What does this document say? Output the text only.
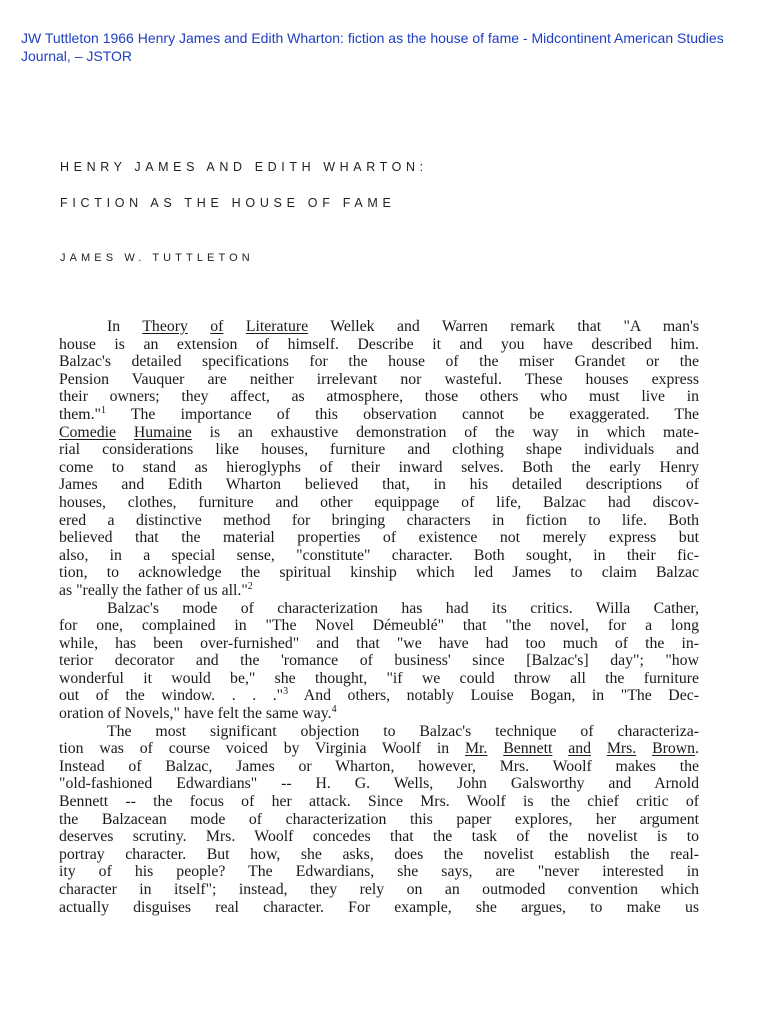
JW Tuttleton 1966 Henry James and Edith Wharton: fiction as the house of fame - Midcontinent American Studies Journal, – JSTOR
HENRY JAMES AND EDITH WHARTON:
FICTION AS THE HOUSE OF FAME
JAMES W. TUTTLETON
In Theory of Literature Wellek and Warren remark that "A man's
house is an extension of himself. Describe it and you have described him.
Balzac's detailed specifications for the house of the miser Grandet or the
Pension Vauquer are neither irrelevant nor wasteful. These houses express
their owners; they affect, as atmosphere, those others who must live in
them."$^1$ The importance of this observation cannot be exaggerated. The
Comedie Humaine is an exhaustive demonstration of the way in which mate-
rial considerations like houses, furniture and clothing shape individuals and
come to stand as hieroglyphs of their inward selves. Both the early Henry
James and Edith Wharton believed that, in his detailed descriptions of
houses, clothes, furniture and other equippage of life, Balzac had discov-
ered a distinctive method for bringing characters in fiction to life. Both
believed that the material properties of existence not merely express but
also, in a special sense, "constitute" character. Both sought, in their fic-
tion, to acknowledge the spiritual kinship which led James to claim Balzac
as "really the father of us all."$^2$
Balzac's mode of characterization has had its critics. Willa Cather,
for one, complained in "The Novel Démeublé" that "the novel, for a long
while, has been over-furnished" and that "we have had too much of the in-
terior decorator and the 'romance of business' since [Balzac's] day"; "how
wonderful it would be," she thought, "if we could throw all the furniture
out of the window. . . ."$^3$ And others, notably Louise Bogan, in "The Dec-
oration of Novels," have felt the same way.$^4$
The most significant objection to Balzac's technique of characteriza-
tion was of course voiced by Virginia Woolf in Mr. Bennett and Mrs. Brown.
Instead of Balzac, James or Wharton, however, Mrs. Woolf makes the
"old-fashioned Edwardians" -- H. G. Wells, John Galsworthy and Arnold
Bennett -- the focus of her attack. Since Mrs. Woolf is the chief critic of
the Balzacean mode of characterization this paper explores, her argument
deserves scrutiny. Mrs. Woolf concedes that the task of the novelist is to
portray character. But how, she asks, does the novelist establish the real-
ity of his people? The Edwardians, she says, are "never interested in
character in itself"; instead, they rely on an outmoded convention which
actually disguises real character. For example, she argues, to make us
